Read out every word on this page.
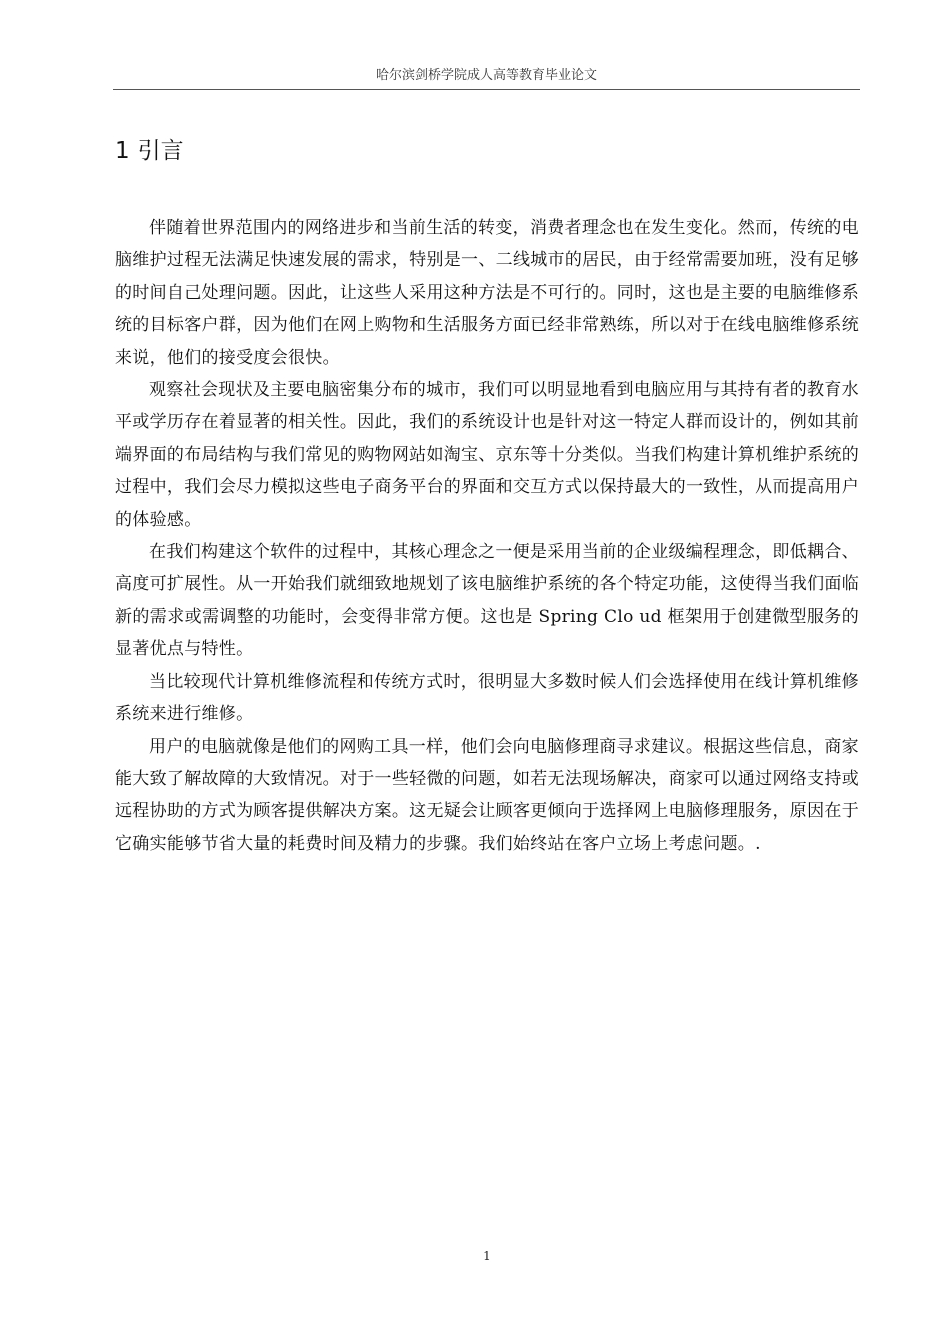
哈尔滨剑桥学院成人高等教育毕业论文
1 引言

伴随着世界范围内的网络进步和当前生活的转变，消费者理念也在发生变化。然而，传统的电脑维护过程无法满足快速发展的需求，特别是一、二线城市的居民，由于经常需要加班，没有足够的时间自己处理问题。因此，让这些人采用这种方法是不可行的。同时，这也是主要的电脑维修系统的目标客户群，因为他们在网上购物和生活服务方面已经非常熟练，所以对于在线电脑维修系统来说，他们的接受度会很快。

观察社会现状及主要电脑密集分布的城市，我们可以明显地看到电脑应用与其持有者的教育水平或学历存在着显著的相关性。因此，我们的系统设计也是针对这一特定人群而设计的，例如其前端界面的布局结构与我们常见的购物网站如淘宝、京东等十分类似。当我们构建计算机维护系统的过程中，我们会尽力模拟这些电子商务平台的界面和交互方式以保持最大的一致性，从而提高用户的体验感。

在我们构建这个软件的过程中，其核心理念之一便是采用当前的企业级编程理念，即低耦合、高度可扩展性。从一开始我们就细致地规划了该电脑维护系统的各个特定功能，这使得当我们面临新的需求或需调整的功能时，会变得非常方便。这也是 Spring Clo ud 框架用于创建微型服务的显著优点与特性。

当比较现代计算机维修流程和传统方式时，很明显大多数时候人们会选择使用在线计算机维修系统来进行维修。

用户的电脑就像是他们的网购工具一样，他们会向电脑修理商寻求建议。根据这些信息，商家能大致了解故障的大致情况。对于一些轻微的问题，如若无法现场解决，商家可以通过网络支持或远程协助的方式为顾客提供解决方案。这无疑会让顾客更倾向于选择网上电脑修理服务，原因在于它确实能够节省大量的耗费时间及精力的步骤。我们始终站在客户立场上考虑问题。.

1
